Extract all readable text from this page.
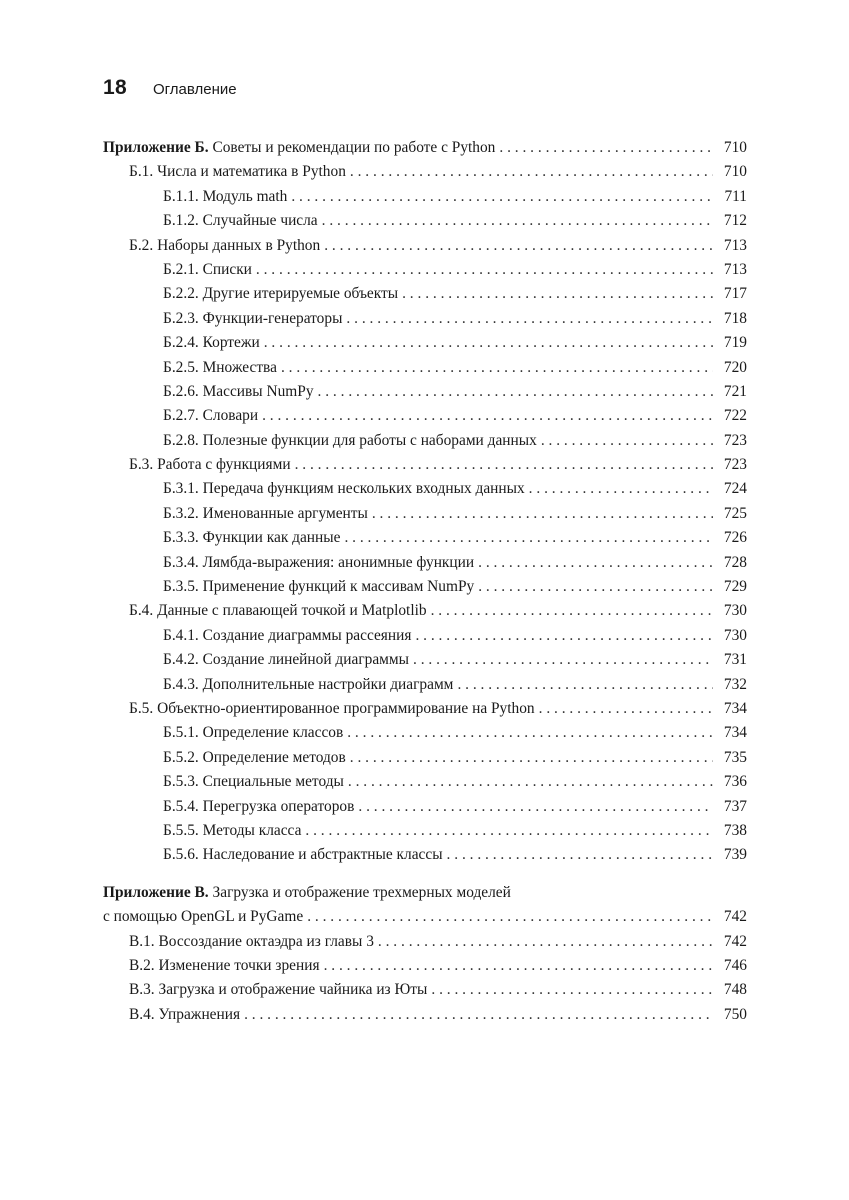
18 Оглавление
Приложение Б. Советы и рекомендации по работе с Python . . .	710
Б.1. Числа и математика в Python . . .	710
Б.1.1. Модуль math . . .	711
Б.1.2. Случайные числа . . .	712
Б.2. Наборы данных в Python . . .	713
Б.2.1. Списки . . .	713
Б.2.2. Другие итерируемые объекты . . .	717
Б.2.3. Функции-генераторы . . .	718
Б.2.4. Кортежи . . .	719
Б.2.5. Множества . . .	720
Б.2.6. Массивы NumPy . . .	721
Б.2.7. Словари . . .	722
Б.2.8. Полезные функции для работы с наборами данных . . .	723
Б.3. Работа с функциями . . .	723
Б.3.1. Передача функциям нескольких входных данных . . .	724
Б.3.2. Именованные аргументы . . .	725
Б.3.3. Функции как данные . . .	726
Б.3.4. Лямбда-выражения: анонимные функции . . .	728
Б.3.5. Применение функций к массивам NumPy . . .	729
Б.4. Данные с плавающей точкой и Matplotlib . . .	730
Б.4.1. Создание диаграммы рассеяния . . .	730
Б.4.2. Создание линейной диаграммы . . .	731
Б.4.3. Дополнительные настройки диаграмм . . .	732
Б.5. Объектно-ориентированное программирование на Python . . .	734
Б.5.1. Определение классов . . .	734
Б.5.2. Определение методов . . .	735
Б.5.3. Специальные методы . . .	736
Б.5.4. Перегрузка операторов . . .	737
Б.5.5. Методы класса . . .	738
Б.5.6. Наследование и абстрактные классы . . .	739
Приложение В. Загрузка и отображение трехмерных моделей
с помощью OpenGL и PyGame . . .	742
В.1. Воссоздание октаэдра из главы 3 . . .	742
В.2. Изменение точки зрения . . .	746
В.3. Загрузка и отображение чайника из Юты . . .	748
В.4. Упражнения . . .	750
